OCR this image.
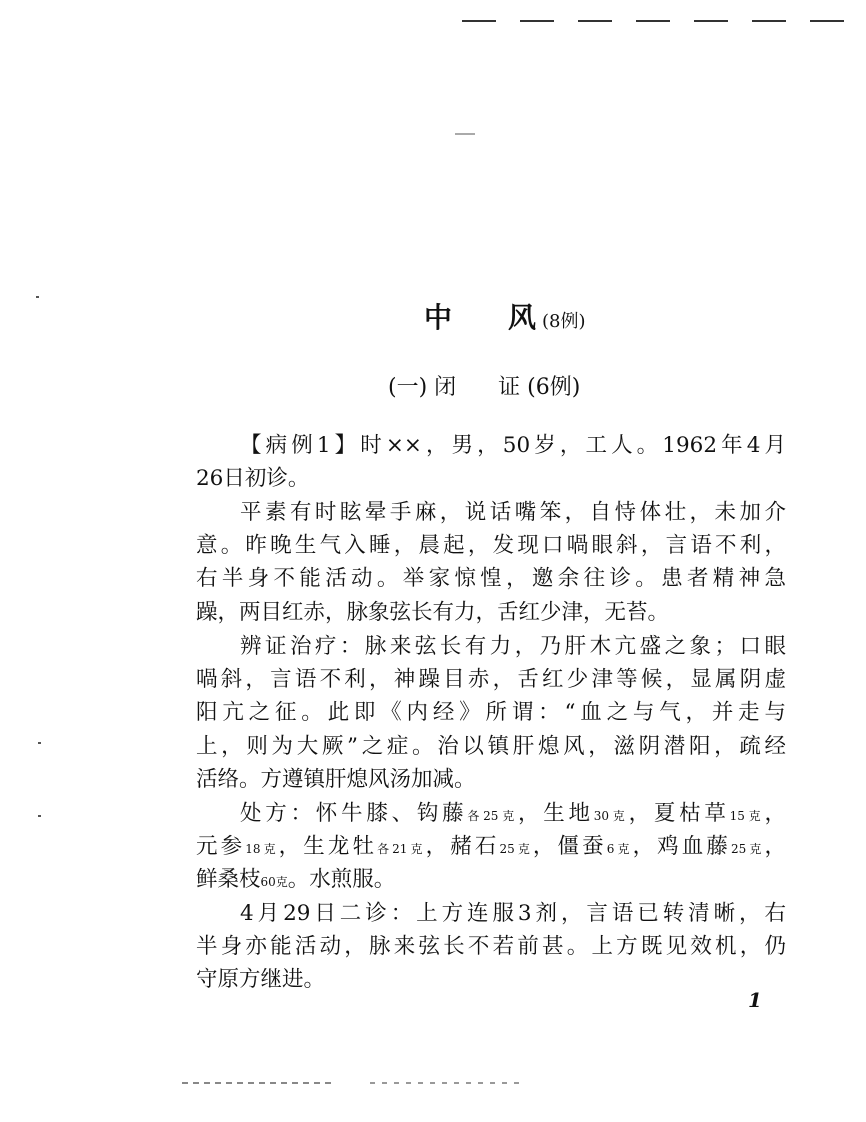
中 风 (8例)
(一) 闭 证 (6例)
【病例1】时××，男，50岁，工人。1962年4月
26日初诊。
平素有时眩晕手麻，说话嘴笨，自恃体壮，未加介
意。昨晚生气入睡，晨起，发现口喎眼斜，言语不利，
右半身不能活动。举家惊惶，邀余往诊。患者精神急
躁，两目红赤，脉象弦长有力，舌红少津，无苔。
辨证治疗：脉来弦长有力，乃肝木亢盛之象；口眼
喎斜，言语不利，神躁目赤，舌红少津等候，显属阴虚
阳亢之征。此即《内经》所谓：“血之与气，并走与
上，则为大厥”之症。治以镇肝熄风，滋阴潜阳，疏经
活络。方遵镇肝熄风汤加减。
处方：怀牛膝、钩藤各25克，生地30克，夏枯草15克，
元参18克，生龙牡各21克，赭石25克，僵蚕6克，鸡血藤25克，
鲜桑枝60克。水煎服。
4月29日二诊：上方连服3剂，言语已转清晰，右
半身亦能活动，脉来弦长不若前甚。上方既见效机，仍
守原方继进。
1
